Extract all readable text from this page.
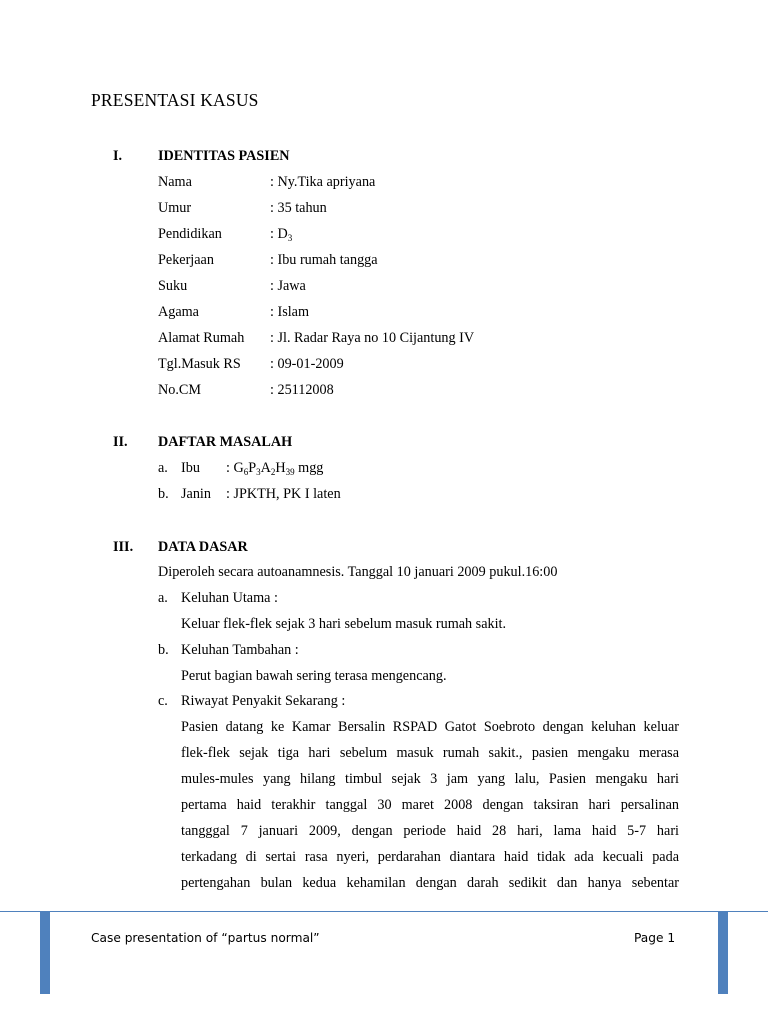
PRESENTASI KASUS
I.	IDENTITAS PASIEN
Nama	: Ny.Tika apriyana
Umur	: 35 tahun
Pendidikan	: $D_3$
Pekerjaan	: Ibu rumah tangga
Suku	: Jawa
Agama	: Islam
Alamat Rumah : Jl. Radar Raya no 10 Cijantung IV
Tgl.Masuk RS : 09-01-2009
No.CM	: 25112008
II. DAFTAR MASALAH
a. Ibu : $G_6P_3A_2H_{39}$ mgg
b. Janin : JPKTH, PK I laten
III. DATA DASAR
Diperoleh secara autoanamnesis. Tanggal 10 januari 2009 pukul.16:00
a. Keluhan Utama :
Keluar flek-flek sejak 3 hari sebelum masuk rumah sakit.
b. Keluhan Tambahan :
Perut bagian bawah sering terasa mengencang.
c. Riwayat Penyakit Sekarang :
Pasien datang ke Kamar Bersalin RSPAD Gatot Soebroto dengan keluhan keluar
flek-flek sejak tiga hari sebelum masuk rumah sakit., pasien mengaku merasa
mules-mules yang hilang timbul sejak 3 jam yang lalu, Pasien mengaku hari
pertama haid terakhir tanggal 30 maret 2008 dengan taksiran hari persalinan
tangggal 7 januari 2009, dengan periode haid 28 hari, lama haid 5-7 hari
terkadang di sertai rasa nyeri, perdarahan diantara haid tidak ada kecuali pada
pertengahan bulan kedua kehamilan dengan darah sedikit dan hanya sebentar
Case presentation of “partus normal”	Page 1
